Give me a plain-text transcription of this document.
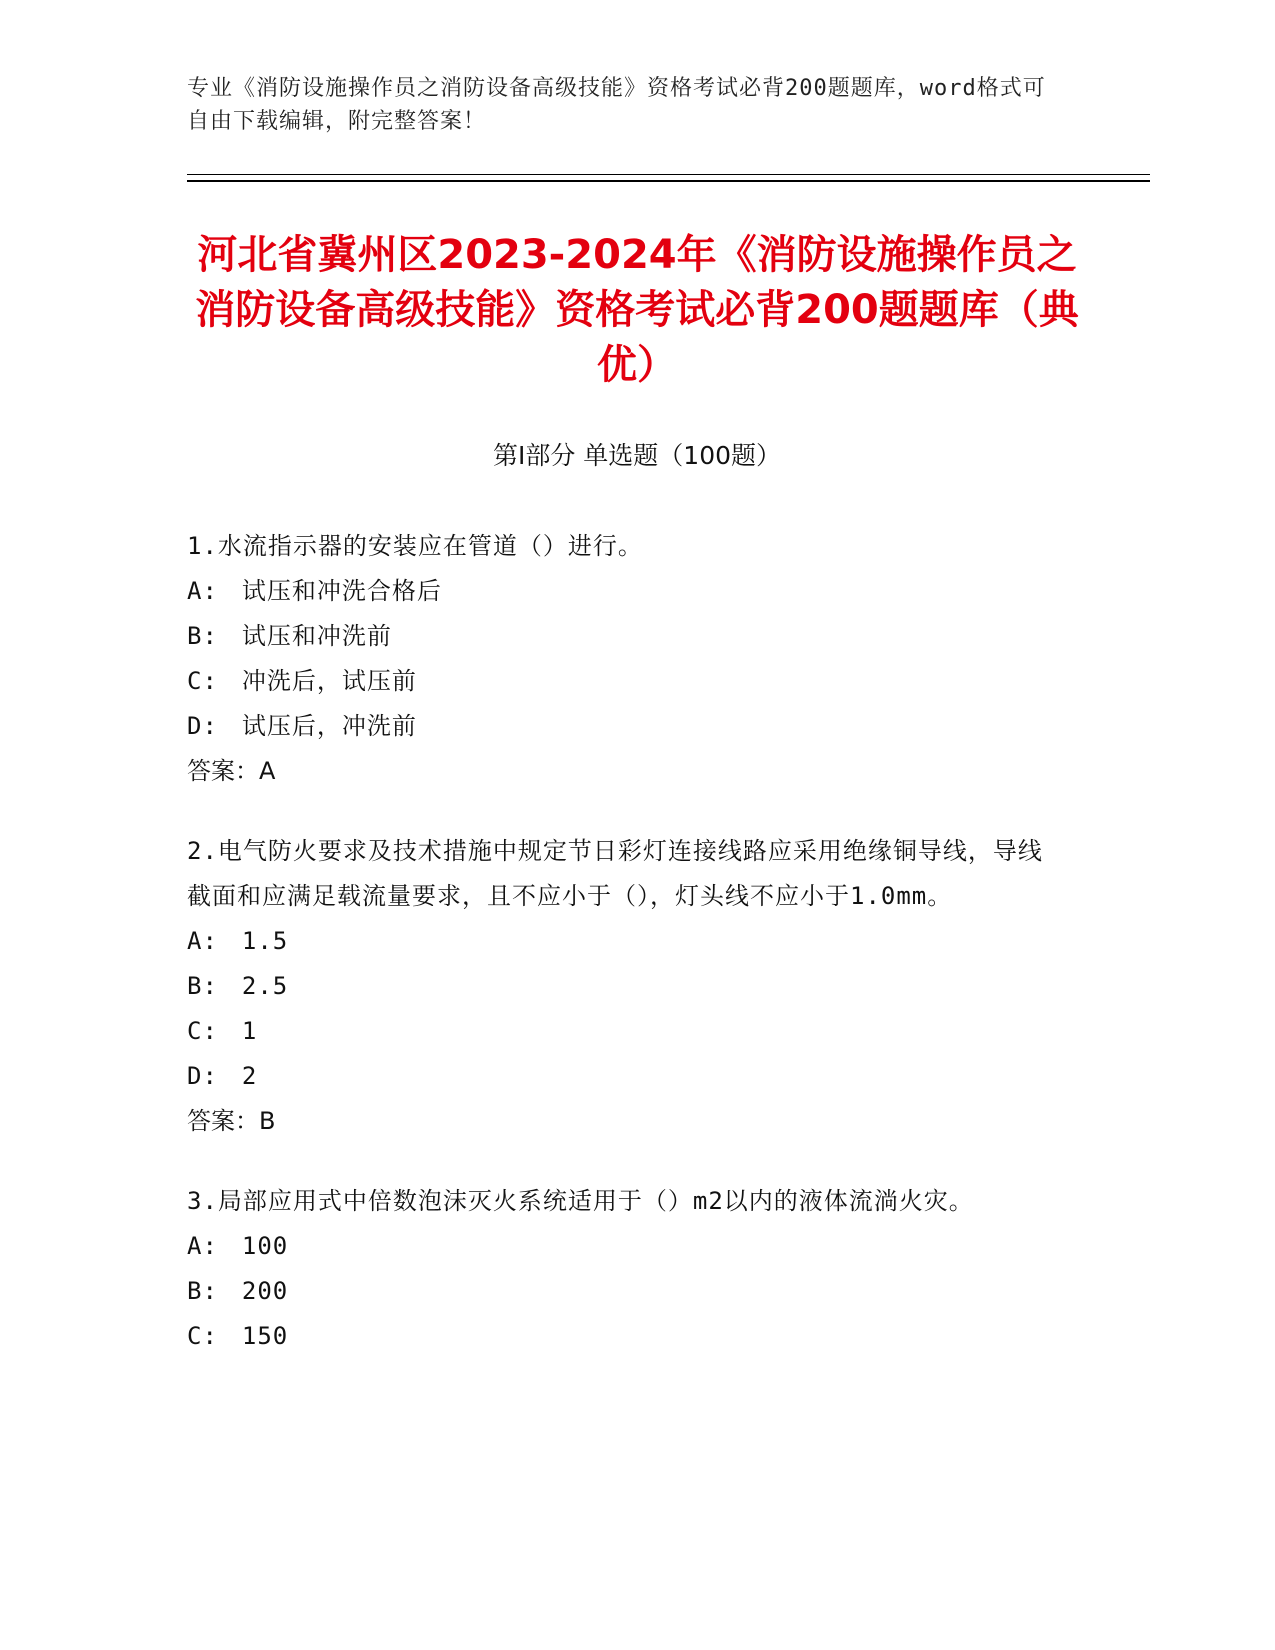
专业《消防设施操作员之消防设备高级技能》资格考试必背200题题库，word格式可自由下载编辑，附完整答案！
河北省冀州区2023-2024年《消防设施操作员之消防设备高级技能》资格考试必背200题题库（典优）
第Ⅰ部分 单选题（100题）

1.水流指示器的安装应在管道（）进行。

A: 试压和冲洗合格后
B: 试压和冲洗前
C: 冲洗后，试压前
D: 试压后，冲洗前

答案：A

2.电气防火要求及技术措施中规定节日彩灯连接线路应采用绝缘铜导线，导线截面和应满足载流量要求，且不应小于（），灯头线不应小于1.0mm。

A: 1.5
B: 2.5
C: 1
D: 2

答案：B

3.局部应用式中倍数泡沫灭火系统适用于（）m2以内的液体流淌火灾。

A: 100
B: 200
C: 150
